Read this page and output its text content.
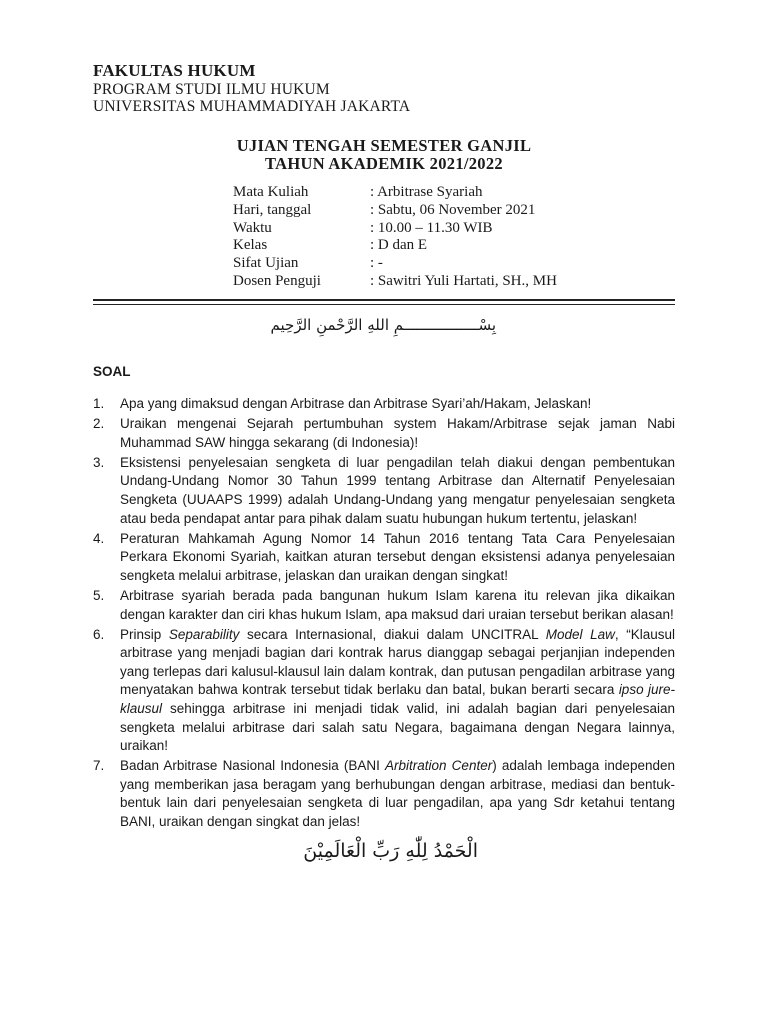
FAKULTAS HUKUM
PROGRAM STUDI ILMU HUKUM
UNIVERSITAS MUHAMMADIYAH JAKARTA
UJIAN TENGAH SEMESTER GANJIL
TAHUN AKADEMIK 2021/2022
Mata Kuliah	: Arbitrase Syariah
Hari, tanggal	: Sabtu, 06 November 2021
Waktu	: 10.00 – 11.30 WIB
Kelas	: D dan E
Sifat Ujian	: -
Dosen Penguji	: Sawitri Yuli Hartati, SH., MH
بِسْـــــــــــــــــمِ اللهِ الرَّحْمنِ الرَّحِيم
SOAL
1.	Apa yang dimaksud dengan Arbitrase dan Arbitrase Syari’ah/Hakam, Jelaskan!
2.	Uraikan mengenai Sejarah pertumbuhan system Hakam/Arbitrase sejak jaman Nabi Muhammad SAW hingga sekarang (di Indonesia)!
3.	Eksistensi penyelesaian sengketa di luar pengadilan telah diakui dengan pembentukan Undang-Undang Nomor 30 Tahun 1999 tentang Arbitrase dan Alternatif Penyelesaian Sengketa (UUAAPS 1999) adalah Undang-Undang yang mengatur penyelesaian sengketa atau beda pendapat antar para pihak dalam suatu hubungan hukum tertentu, jelaskan!
4.	Peraturan Mahkamah Agung Nomor 14 Tahun 2016 tentang Tata Cara Penyelesaian Perkara Ekonomi Syariah, kaitkan aturan tersebut dengan eksistensi adanya penyelesaian sengketa melalui arbitrase, jelaskan dan uraikan dengan singkat!
5.	Arbitrase syariah berada pada bangunan hukum Islam karena itu relevan jika dikaikan dengan karakter dan ciri khas hukum Islam, apa maksud dari uraian tersebut berikan alasan!
6.	Prinsip Separability secara Internasional, diakui dalam UNCITRAL Model Law, “Klausul arbitrase yang menjadi bagian dari kontrak harus dianggap sebagai perjanjian independen yang terlepas dari kalusul-klausul lain dalam kontrak, dan putusan pengadilan arbitrase yang menyatakan bahwa kontrak tersebut tidak berlaku dan batal, bukan berarti secara ipso jure-klausul sehingga arbitrase ini menjadi tidak valid, ini adalah bagian dari penyelesaian sengketa melalui arbitrase dari salah satu Negara, bagaimana dengan Negara lainnya, uraikan!
7.	Badan Arbitrase Nasional Indonesia (BANI Arbitration Center) adalah lembaga independen yang memberikan jasa beragam yang berhubungan dengan arbitrase, mediasi dan bentuk-bentuk lain dari penyelesaian sengketa di luar pengadilan, apa yang Sdr ketahui tentang BANI, uraikan dengan singkat dan jelas!
الْحَمْدُ لِلّٰهِ رَبِّ الْعَالَمِيْنَ
